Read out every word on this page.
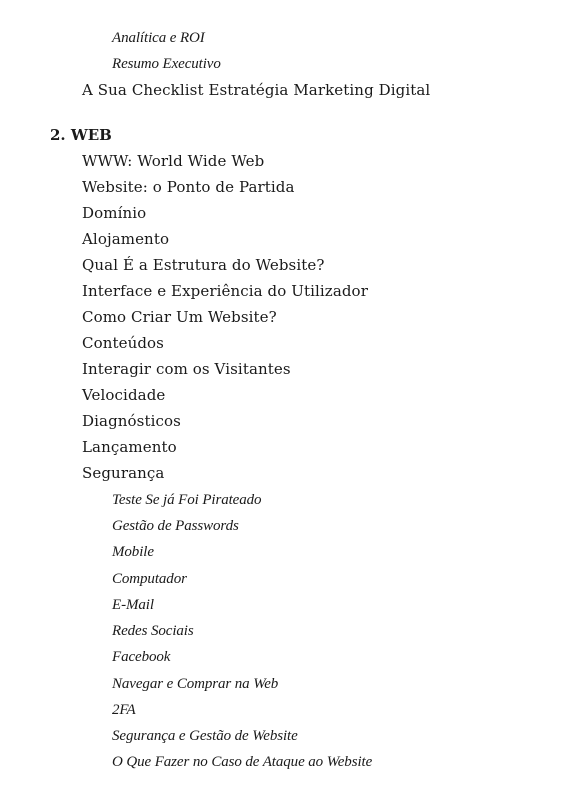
Analítica e ROI
Resumo Executivo
A Sua Checklist Estratégia Marketing Digital
2. WEB
WWW: World Wide Web
Website: o Ponto de Partida
Domínio
Alojamento
Qual É a Estrutura do Website?
Interface e Experiência do Utilizador
Como Criar Um Website?
Conteúdos
Interagir com os Visitantes
Velocidade
Diagnósticos
Lançamento
Segurança
Teste Se já Foi Pirateado
Gestão de Passwords
Mobile
Computador
E-Mail
Redes Sociais
Facebook
Navegar e Comprar na Web
2FA
Segurança e Gestão de Website
O Que Fazer no Caso de Ataque ao Website
